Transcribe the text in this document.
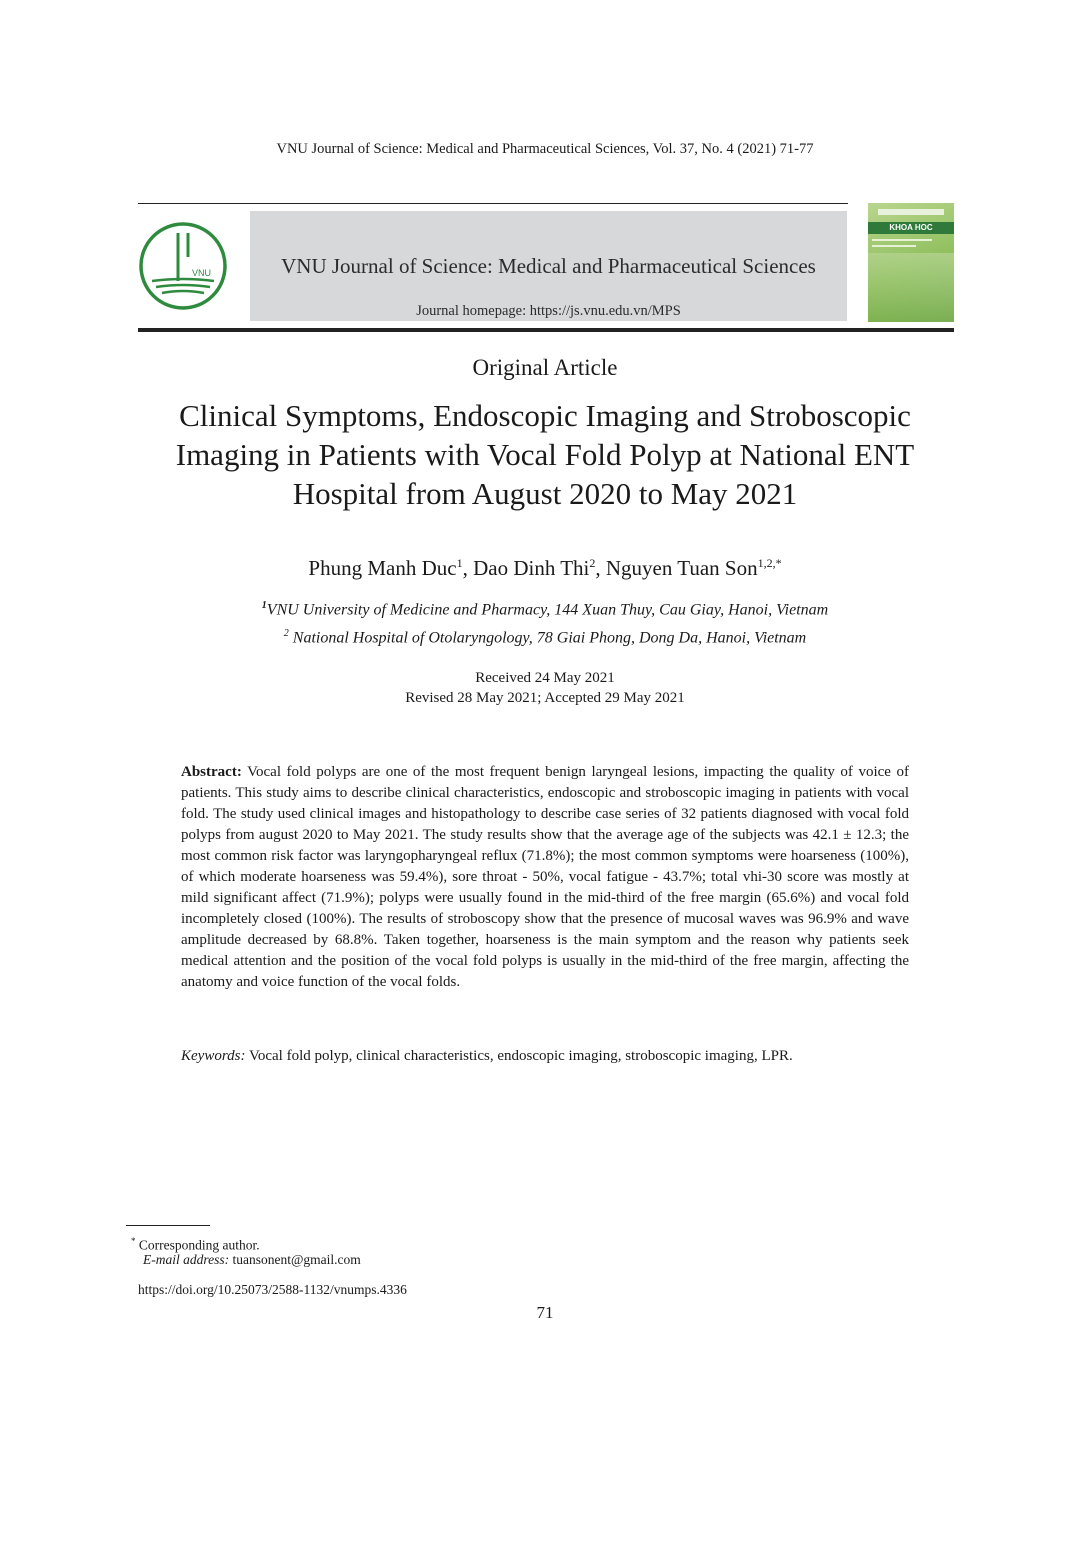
VNU Journal of Science: Medical and Pharmaceutical Sciences, Vol. 37, No. 4 (2021) 71-77
VNU	VNU Journal of Science: Medical and Pharmaceutical Sciences
Journal homepage: https://js.vnu.edu.vn/MPS
KHOA HOC
Original Article
Clinical Symptoms, Endoscopic Imaging and Stroboscopic
Imaging in Patients with Vocal Fold Polyp at National ENT
Hospital from August 2020 to May 2021
Phung Manh Duc$^1$, Dao Dinh Thi$^2$, Nguyen Tuan Son$^{1,2,*}$
$^1$VNU University of Medicine and Pharmacy, 144 Xuan Thuy, Cau Giay, Hanoi, Vietnam
$^2$ National Hospital of Otolaryngology, 78 Giai Phong, Dong Da, Hanoi, Vietnam
Received 24 May 2021
Revised 28 May 2021; Accepted 29 May 2021
Abstract: Vocal fold polyps are one of the most frequent benign laryngeal lesions, impacting the quality of voice of patients. This study aims to describe clinical characteristics, endoscopic and stroboscopic imaging in patients with vocal fold. The study used clinical images and histopathology to describe case series of 32 patients diagnosed with vocal fold polyps from august 2020 to May 2021. The study results show that the average age of the subjects was 42.1 ± 12.3; the most common risk factor was laryngopharyngeal reflux (71.8%); the most common symptoms were hoarseness (100%), of which moderate hoarseness was 59.4%), sore throat - 50%, vocal fatigue - 43.7%; total vhi-30 score was mostly at mild significant affect (71.9%); polyps were usually found in the mid-third of the free margin (65.6%) and vocal fold incompletely closed (100%). The results of stroboscopy show that the presence of mucosal waves was 96.9% and wave amplitude decreased by 68.8%. Taken together, hoarseness is the main symptom and the reason why patients seek medical attention and the position of the vocal fold polyps is usually in the mid-third of the free margin, affecting the anatomy and voice function of the vocal folds.
Keywords: Vocal fold polyp, clinical characteristics, endoscopic imaging, stroboscopic imaging, LPR.
* Corresponding author.
E-mail address: tuansonent@gmail.com
https://doi.org/10.25073/2588-1132/vnumps.4336
71
